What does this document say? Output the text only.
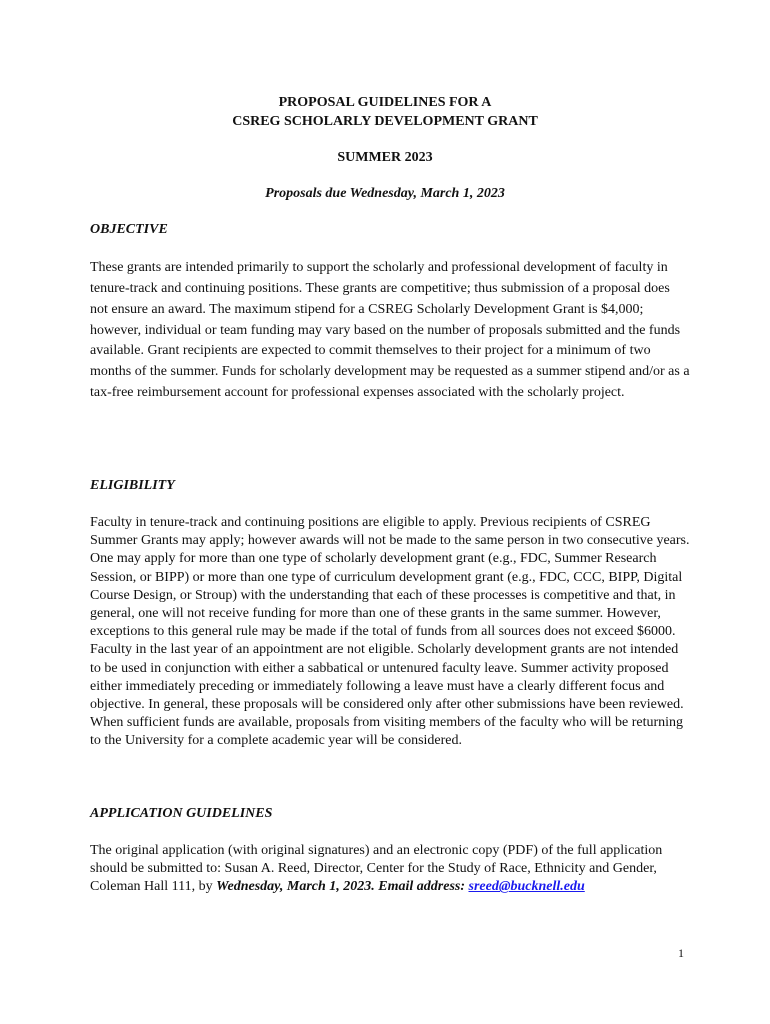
PROPOSAL GUIDELINES FOR A

CSREG SCHOLARLY DEVELOPMENT GRANT

SUMMER 2023

Proposals due Wednesday, March 1, 2023

OBJECTIVE

These grants are intended primarily to support the scholarly and professional development of faculty in tenure-track and continuing positions. These grants are competitive; thus submission of a proposal does not ensure an award. The maximum stipend for a CSREG Scholarly Development Grant is $4,000; however, individual or team funding may vary based on the number of proposals submitted and the funds available. Grant recipients are expected to commit themselves to their project for a minimum of two months of the summer. Funds for scholarly development may be requested as a summer stipend and/or as a tax-free reimbursement account for professional expenses associated with the scholarly project.

ELIGIBILITY

Faculty in tenure-track and continuing positions are eligible to apply. Previous recipients of CSREG Summer Grants may apply; however awards will not be made to the same person in two consecutive years. One may apply for more than one type of scholarly development grant (e.g., FDC, Summer Research Session, or BIPP) or more than one type of curriculum development grant (e.g., FDC, CCC, BIPP, Digital Course Design, or Stroup) with the understanding that each of these processes is competitive and that, in general, one will not receive funding for more than one of these grants in the same summer. However, exceptions to this general rule may be made if the total of funds from all sources does not exceed $6000. Faculty in the last year of an appointment are not eligible. Scholarly development grants are not intended to be used in conjunction with either a sabbatical or untenured faculty leave. Summer activity proposed either immediately preceding or immediately following a leave must have a clearly different focus and objective. In general, these proposals will be considered only after other submissions have been reviewed. When sufficient funds are available, proposals from visiting members of the faculty who will be returning to the University for a complete academic year will be considered.

APPLICATION GUIDELINES

The original application (with original signatures) and an electronic copy (PDF) of the full application should be submitted to: Susan A. Reed, Director, Center for the Study of Race, Ethnicity and Gender, Coleman Hall 111, by Wednesday, March 1, 2023. Email address: sreed@bucknell.edu

1
